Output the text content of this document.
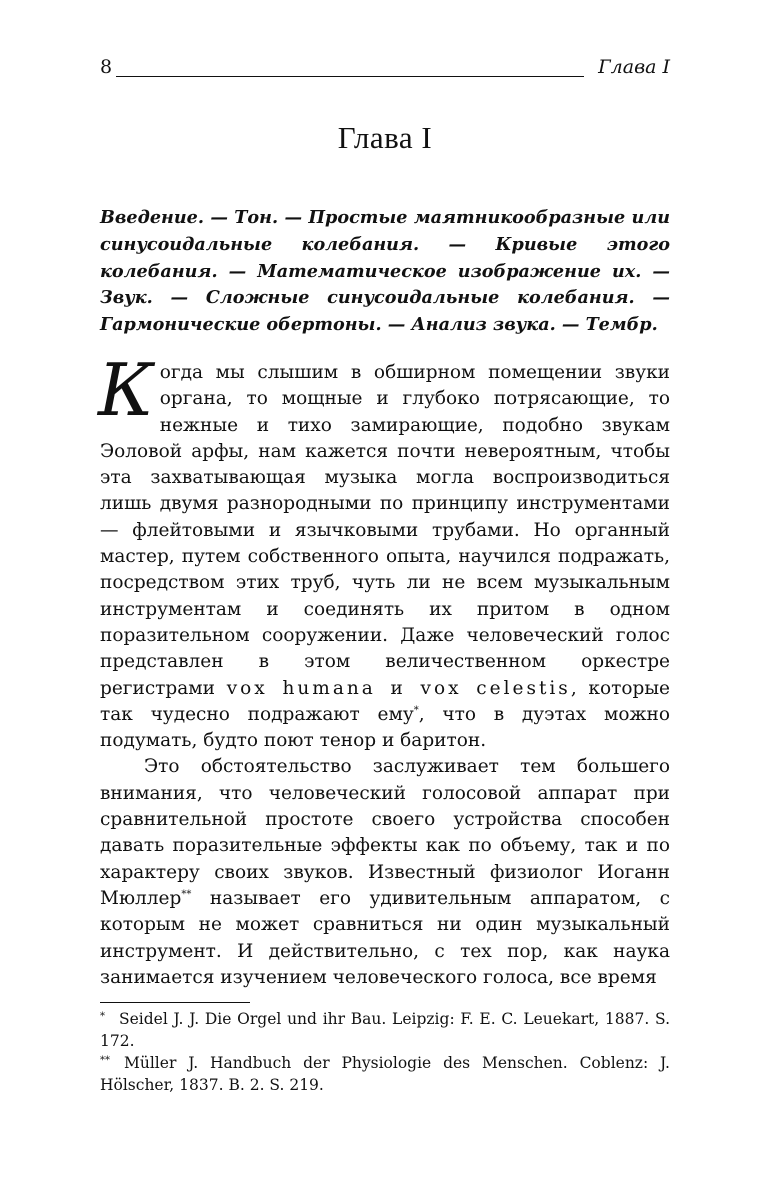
8	Глава I
Глава I

Введение. — Тон. — Простые маятникообразные или синусоидальные колебания. — Кривые этого колебания. — Математическое изображение их. — Звук. — Сложные синусоидальные колебания. — Гармонические обертоны. — Анализ звука. — Тембр.

Когда мы слышим в обширном помещении звуки органа, то мощные и глубоко потрясающие, то нежные и тихо замирающие, подобно звукам Эоловой арфы, нам кажется почти невероятным, чтобы эта захватывающая музыка могла воспроизводиться лишь двумя разнородными по принципу инструментами — флейтовыми и язычковыми трубами. Но органный мастер, путем собственного опыта, научился подражать, посредством этих труб, чуть ли не всем музыкальным инструментам и соединять их притом в одном поразительном сооружении. Даже человеческий голос представлен в этом величественном оркестре регистрами vox humana и vox celestis, которые так чудесно подражают ему*, что в дуэтах можно подумать, будто поют тенор и баритон.

Это обстоятельство заслуживает тем большего внимания, что человеческий голосовой аппарат при сравнительной простоте своего устройства способен давать поразительные эффекты как по объему, так и по характеру своих звуков. Известный физиолог Иоганн Мюллер** называет его удивительным аппаратом, с которым не может сравниться ни один музыкальный инструмент. И действительно, с тех пор, как наука занимается изучением человеческого голоса, все время

* Seidel J. J. Die Orgel und ihr Bau. Leipzig: F. E. C. Leuekart, 1887. S. 172.

** Müller J. Handbuch der Physiologie des Menschen. Coblenz: J. Hölscher, 1837. B. 2. S. 219.
